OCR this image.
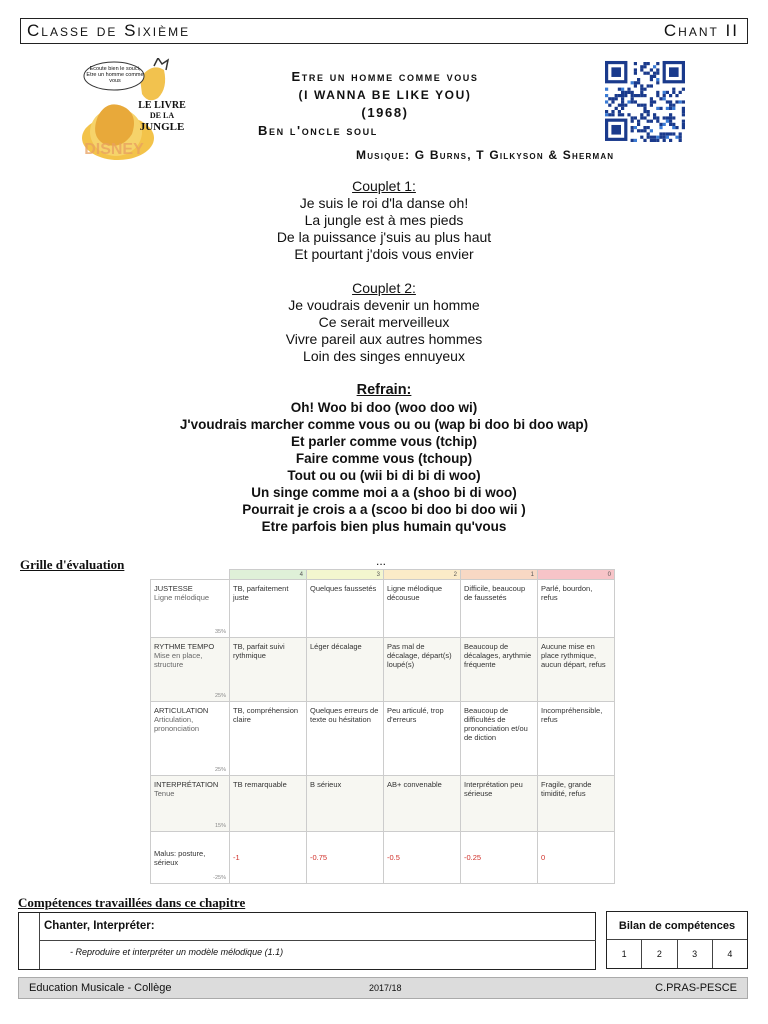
Classe de Sixième	Chant II
DISNEY
LE LIVRE
DE LA
JUNGLE
Ecoute bien le souci, Etre un homme comme vous	Etre un homme comme vous
(I WANNA BE LIKE YOU)
(1968)
Ben l'oncle soul
Musique: G Burns, T Gilkyson & Sherman
Couplet 1:
Je suis le roi d'la danse oh!
La jungle est à mes pieds
De la puissance j'suis au plus haut
Et pourtant j'dois vous envier
Couplet 2:
Je voudrais devenir un homme
Ce serait merveilleux
Vivre pareil aux autres hommes
Loin des singes ennuyeux
Refrain:
Oh! Woo bi doo (woo doo wi)
J'voudrais marcher comme vous ou ou (wap bi doo bi doo wap)
Et parler comme vous (tchip)
Faire comme vous (tchoup)
Tout ou ou (wii bi di bi di woo)
Un singe comme moi a a (shoo bi di woo)
Pourrait je crois a a (scoo bi doo bi doo wii )
Etre parfois bien plus humain qu'vous
Grille d'évaluation	...
	4	3	2	1	0

JUSTESSE
Ligne mélodique
35%	TB, parfaitement juste	Quelques faussetés	Ligne mélodique décousue	Difficile, beaucoup de faussetés	Parlé, bourdon, refus

RYTHME TEMPO
Mise en place, structure
25%	TB, parfait suivi rythmique	Léger décalage	Pas mal de décalage, départ(s) loupé(s)	Beaucoup de décalages, arythmie fréquente	Aucune mise en place rythmique, aucun départ, refus

ARTICULATION
Articulation, prononciation
25%	TB, compréhension claire	Quelques erreurs de texte ou hésitation	Peu articulé, trop d'erreurs	Beaucoup de difficultés de prononciation et/ou de diction	Incompréhensible, refus

INTERPRÉTATION
Tenue
15%	TB remarquable	B sérieux	AB+ convenable	Interprétation peu sérieuse	Fragile, grande timidité, refus

Malus: posture, sérieux
-25%	-1	-0.75	-0.5	-0.25	0
Compétences travaillées dans ce chapitre
Chanter, Interpréter:
- Reproduire et interpréter un modèle mélodique (1.1)
Bilan de compétences
1	2	3	4
Education Musicale - Collège	2017/18	C.PRAS-PESCE
